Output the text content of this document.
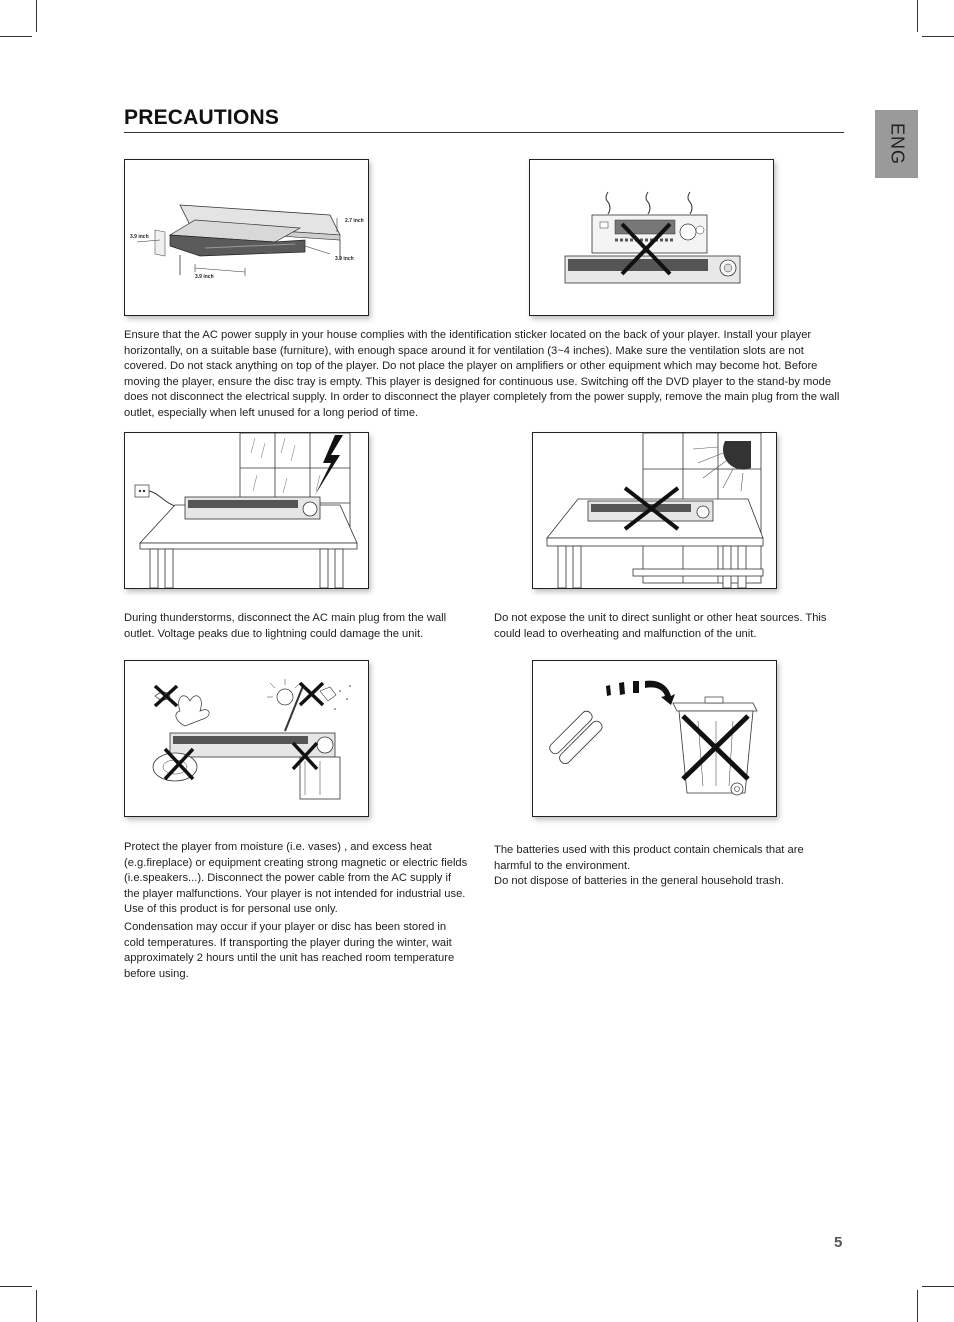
PRECAUTIONS
ENG
3.9 inch
2.7 inch
3.9 inch
3.9 inch

Ensure that the AC power supply in your house complies with the identification sticker located on the back of your player. Install your player horizontally, on a suitable base (furniture), with enough space around it for ventilation (3~4 inches). Make sure the ventilation slots are not covered. Do not stack anything on top of the player. Do not place the player on amplifiers or other equipment which may become hot. Before moving the player, ensure the disc tray is empty. This player is designed for continuous use. Switching off the DVD player to the stand-by mode does not disconnect the electrical supply. In order to disconnect the player completely from the power supply, remove the main plug from the wall outlet, especially when left unused for a long period of time.

During thunderstorms, disconnect the AC main plug from the wall outlet. Voltage peaks due to lightning could damage the unit.

Do not expose the unit to direct sunlight or other heat sources. This could lead to overheating and malfunction of the unit.

Protect the player from moisture (i.e. vases) , and excess heat (e.g.fireplace) or equipment creating strong magnetic or electric fields (i.e.speakers...). Disconnect the power cable from the AC supply if the player malfunctions. Your player is not intended for industrial use. Use of this product is for personal use only.

Condensation may occur if your player or disc has been stored in cold temperatures. If transporting the player during the winter, wait approximately 2 hours until the unit has reached room temperature before using.

The batteries used with this product contain chemicals that are harmful to the environment.

Do not dispose of batteries in the general household trash.

5
